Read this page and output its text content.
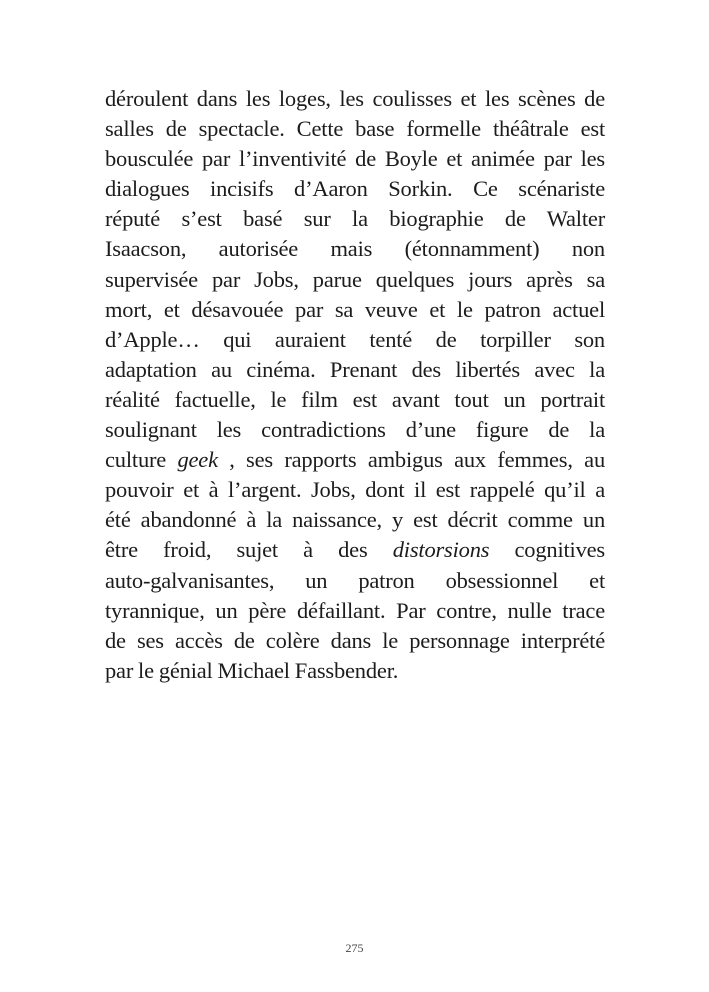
déroulent dans les loges, les coulisses et les scènes de
salles de spectacle. Cette base formelle théâtrale est
bousculée par l’inventivité de Boyle et animée par les
dialogues incisifs d’Aaron Sorkin. Ce scénariste
réputé s’est basé sur la biographie de Walter
Isaacson, autorisée mais (étonnamment) non
supervisée par Jobs, parue quelques jours après sa
mort, et désavouée par sa veuve et le patron actuel
d’Apple… qui auraient tenté de torpiller son
adaptation au cinéma. Prenant des libertés avec la
réalité factuelle, le film est avant tout un portrait
soulignant les contradictions d’une figure de la
culture geek , ses rapports ambigus aux femmes, au
pouvoir et à l’argent. Jobs, dont il est rappelé qu’il a
été abandonné à la naissance, y est décrit comme un
être froid, sujet à des distorsions cognitives
auto-galvanisantes, un patron obsessionnel et
tyrannique, un père défaillant. Par contre, nulle trace
de ses accès de colère dans le personnage interprété
par le génial Michael Fassbender.
275
